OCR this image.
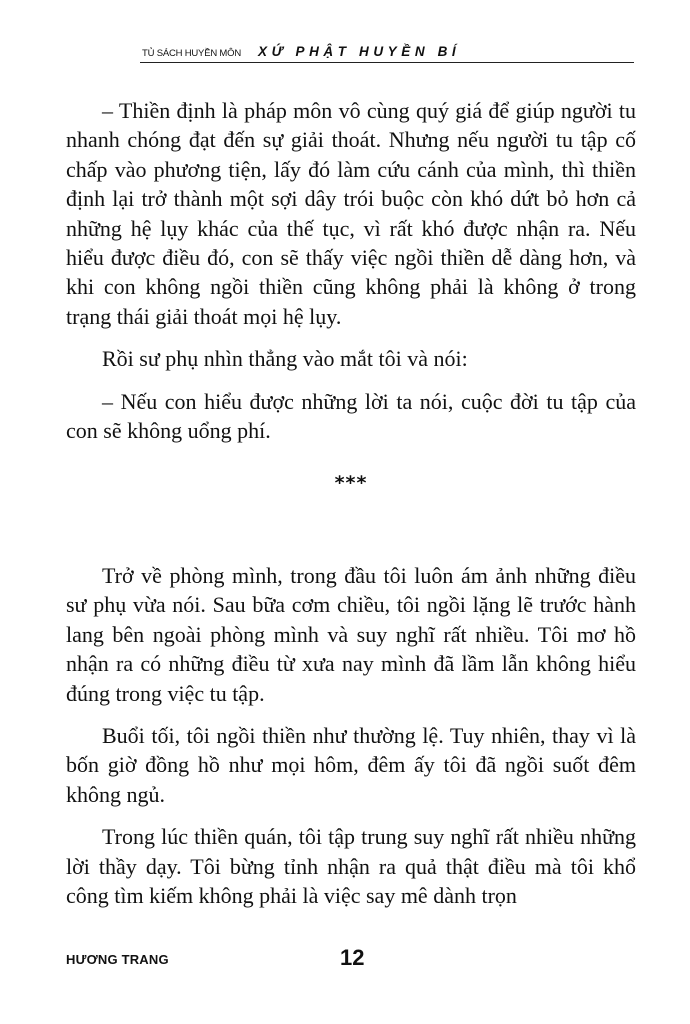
TỦ SÁCH HUYỀN MÔN XỨ PHẬT HUYỀN BÍ

– Thiền định là pháp môn vô cùng quý giá để giúp người tu nhanh chóng đạt đến sự giải thoát. Nhưng nếu người tu tập cố chấp vào phương tiện, lấy đó làm cứu cánh của mình, thì thiền định lại trở thành một sợi dây trói buộc còn khó dứt bỏ hơn cả những hệ lụy khác của thế tục, vì rất khó được nhận ra. Nếu hiểu được điều đó, con sẽ thấy việc ngồi thiền dễ dàng hơn, và khi con không ngồi thiền cũng không phải là không ở trong trạng thái giải thoát mọi hệ lụy.

Rồi sư phụ nhìn thẳng vào mắt tôi và nói:

– Nếu con hiểu được những lời ta nói, cuộc đời tu tập của con sẽ không uổng phí.

***

Trở về phòng mình, trong đầu tôi luôn ám ảnh những điều sư phụ vừa nói. Sau bữa cơm chiều, tôi ngồi lặng lẽ trước hành lang bên ngoài phòng mình và suy nghĩ rất nhiều. Tôi mơ hồ nhận ra có những điều từ xưa nay mình đã lầm lẫn không hiểu đúng trong việc tu tập.

Buổi tối, tôi ngồi thiền như thường lệ. Tuy nhiên, thay vì là bốn giờ đồng hồ như mọi hôm, đêm ấy tôi đã ngồi suốt đêm không ngủ.

Trong lúc thiền quán, tôi tập trung suy nghĩ rất nhiều những lời thầy dạy. Tôi bừng tỉnh nhận ra quả thật điều mà tôi khổ công tìm kiếm không phải là việc say mê dành trọn

HƯƠNG TRANG	12
